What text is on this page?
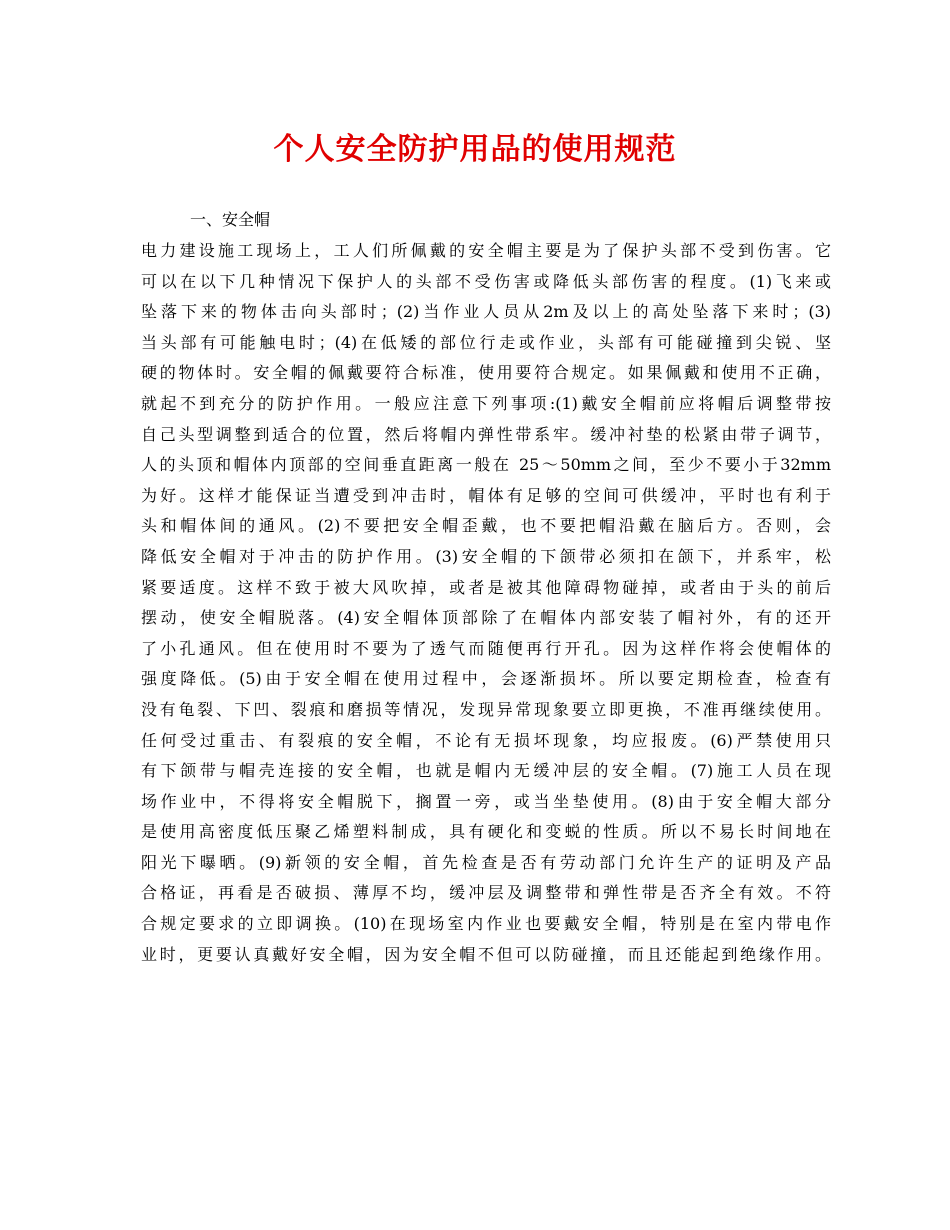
个人安全防护用品的使用规范
一、安全帽
电力建设施工现场上，工人们所佩戴的安全帽主要是为了保护头部不受到伤害。它
可以在以下几种情况下保护人的头部不受伤害或降低头部伤害的程度。(1)飞来或
坠落下来的物体击向头部时；(2)当作业人员从2m及以上的高处坠落下来时；(3)
当头部有可能触电时；(4)在低矮的部位行走或作业，头部有可能碰撞到尖锐、坚
硬的物体时。安全帽的佩戴要符合标准，使用要符合规定。如果佩戴和使用不正确，
就起不到充分的防护作用。一般应注意下列事项:(1)戴安全帽前应将帽后调整带按
自己头型调整到适合的位置，然后将帽内弹性带系牢。缓冲衬垫的松紧由带子调节，
人的头顶和帽体内顶部的空间垂直距离一般在 25～50mm之间，至少不要小于32mm
为好。这样才能保证当遭受到冲击时，帽体有足够的空间可供缓冲，平时也有利于
头和帽体间的通风。(2)不要把安全帽歪戴，也不要把帽沿戴在脑后方。否则，会
降低安全帽对于冲击的防护作用。(3)安全帽的下颌带必须扣在颌下，并系牢，松
紧要适度。这样不致于被大风吹掉，或者是被其他障碍物碰掉，或者由于头的前后
摆动，使安全帽脱落。(4)安全帽体顶部除了在帽体内部安装了帽衬外，有的还开
了小孔通风。但在使用时不要为了透气而随便再行开孔。因为这样作将会使帽体的
强度降低。(5)由于安全帽在使用过程中，会逐渐损坏。所以要定期检查，检查有
没有龟裂、下凹、裂痕和磨损等情况，发现异常现象要立即更换，不准再继续使用。
任何受过重击、有裂痕的安全帽，不论有无损坏现象，均应报废。(6)严禁使用只
有下颌带与帽壳连接的安全帽，也就是帽内无缓冲层的安全帽。(7)施工人员在现
场作业中，不得将安全帽脱下，搁置一旁，或当坐垫使用。(8)由于安全帽大部分
是使用高密度低压聚乙烯塑料制成，具有硬化和变蜕的性质。所以不易长时间地在
阳光下曝晒。(9)新领的安全帽，首先检查是否有劳动部门允许生产的证明及产品
合格证，再看是否破损、薄厚不均，缓冲层及调整带和弹性带是否齐全有效。不符
合规定要求的立即调换。(10)在现场室内作业也要戴安全帽，特别是在室内带电作
业时，更要认真戴好安全帽，因为安全帽不但可以防碰撞，而且还能起到绝缘作用。
